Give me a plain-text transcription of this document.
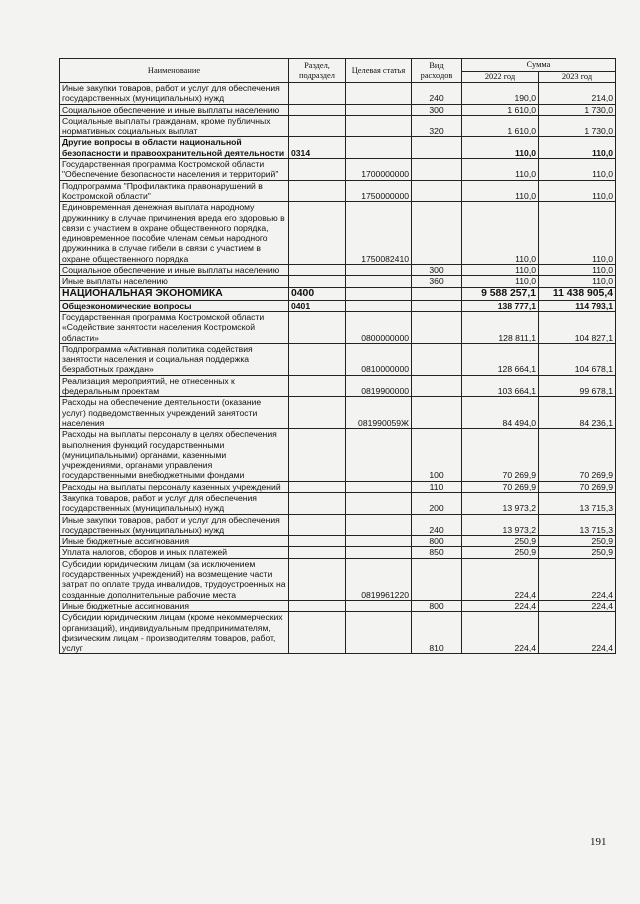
Наименование	Раздел, подраздел	Целевая статья	Вид расходов	Сумма	
				2022 год	2023 год
Иные закупки товаров, работ и услуг для обеспечения государственных (муниципальных) нужд			240	190,0	214,0
Социальное обеспечение и иные выплаты населению			300	1 610,0	1 730,0
Социальные выплаты гражданам, кроме публичных нормативных социальных выплат			320	1 610,0	1 730,0
Другие вопросы в области национальной безопасности и правоохранительной деятельности	0314			110,0	110,0
Государственная программа Костромской области "Обеспечение безопасности населения и территорий"		1700000000		110,0	110,0
Подпрограмма "Профилактика правонарушений в Костромской области"		1750000000		110,0	110,0
Единовременная денежная выплата народному дружиннику в случае причинения вреда его здоровью в связи с участием в охране общественного порядка, единовременное пособие членам семьи народного дружинника в случае гибели в связи с участием в охране общественного порядка		1750082410		110,0	110,0
Социальное обеспечение и иные выплаты населению			300	110,0	110,0
Иные выплаты населению			360	110,0	110,0
НАЦИОНАЛЬНАЯ ЭКОНОМИКА	0400			9 588 257,1	11 438 905,4
Общеэкономические вопросы	0401			138 777,1	114 793,1
Государственная программа Костромской области «Содействие занятости населения Костромской области»		0800000000		128 811,1	104 827,1
Подпрограмма «Активная политика содействия занятости населения и социальная поддержка безработных граждан»		0810000000		128 664,1	104 678,1
Реализация мероприятий, не отнесенных к федеральным проектам		0819900000		103 664,1	99 678,1
Расходы на обеспечение деятельности (оказание услуг) подведомственных учреждений занятости населения		081990059Ж		84 494,0	84 236,1
Расходы на выплаты персоналу в целях обеспечения выполнения функций государственными (муниципальными) органами, казенными учреждениями, органами управления государственными внебюджетными фондами			100	70 269,9	70 269,9
Расходы на выплаты персоналу казенных учреждений			110	70 269,9	70 269,9
Закупка товаров, работ и услуг для обеспечения государственных (муниципальных) нужд			200	13 973,2	13 715,3
Иные закупки товаров, работ и услуг для обеспечения государственных (муниципальных) нужд			240	13 973,2	13 715,3
Иные бюджетные ассигнования			800	250,9	250,9
Уплата налогов, сборов и иных платежей			850	250,9	250,9
Субсидии юридическим лицам (за исключением государственных учреждений) на возмещение части затрат по оплате труда инвалидов, трудоустроенных на созданные дополнительные рабочие места		0819961220		224,4	224,4
Иные бюджетные ассигнования			800	224,4	224,4
Субсидии юридическим лицам (кроме некоммерческих организаций), индивидуальным предпринимателям, физическим лицам - производителям товаров, работ, услуг			810	224,4	224,4
191
